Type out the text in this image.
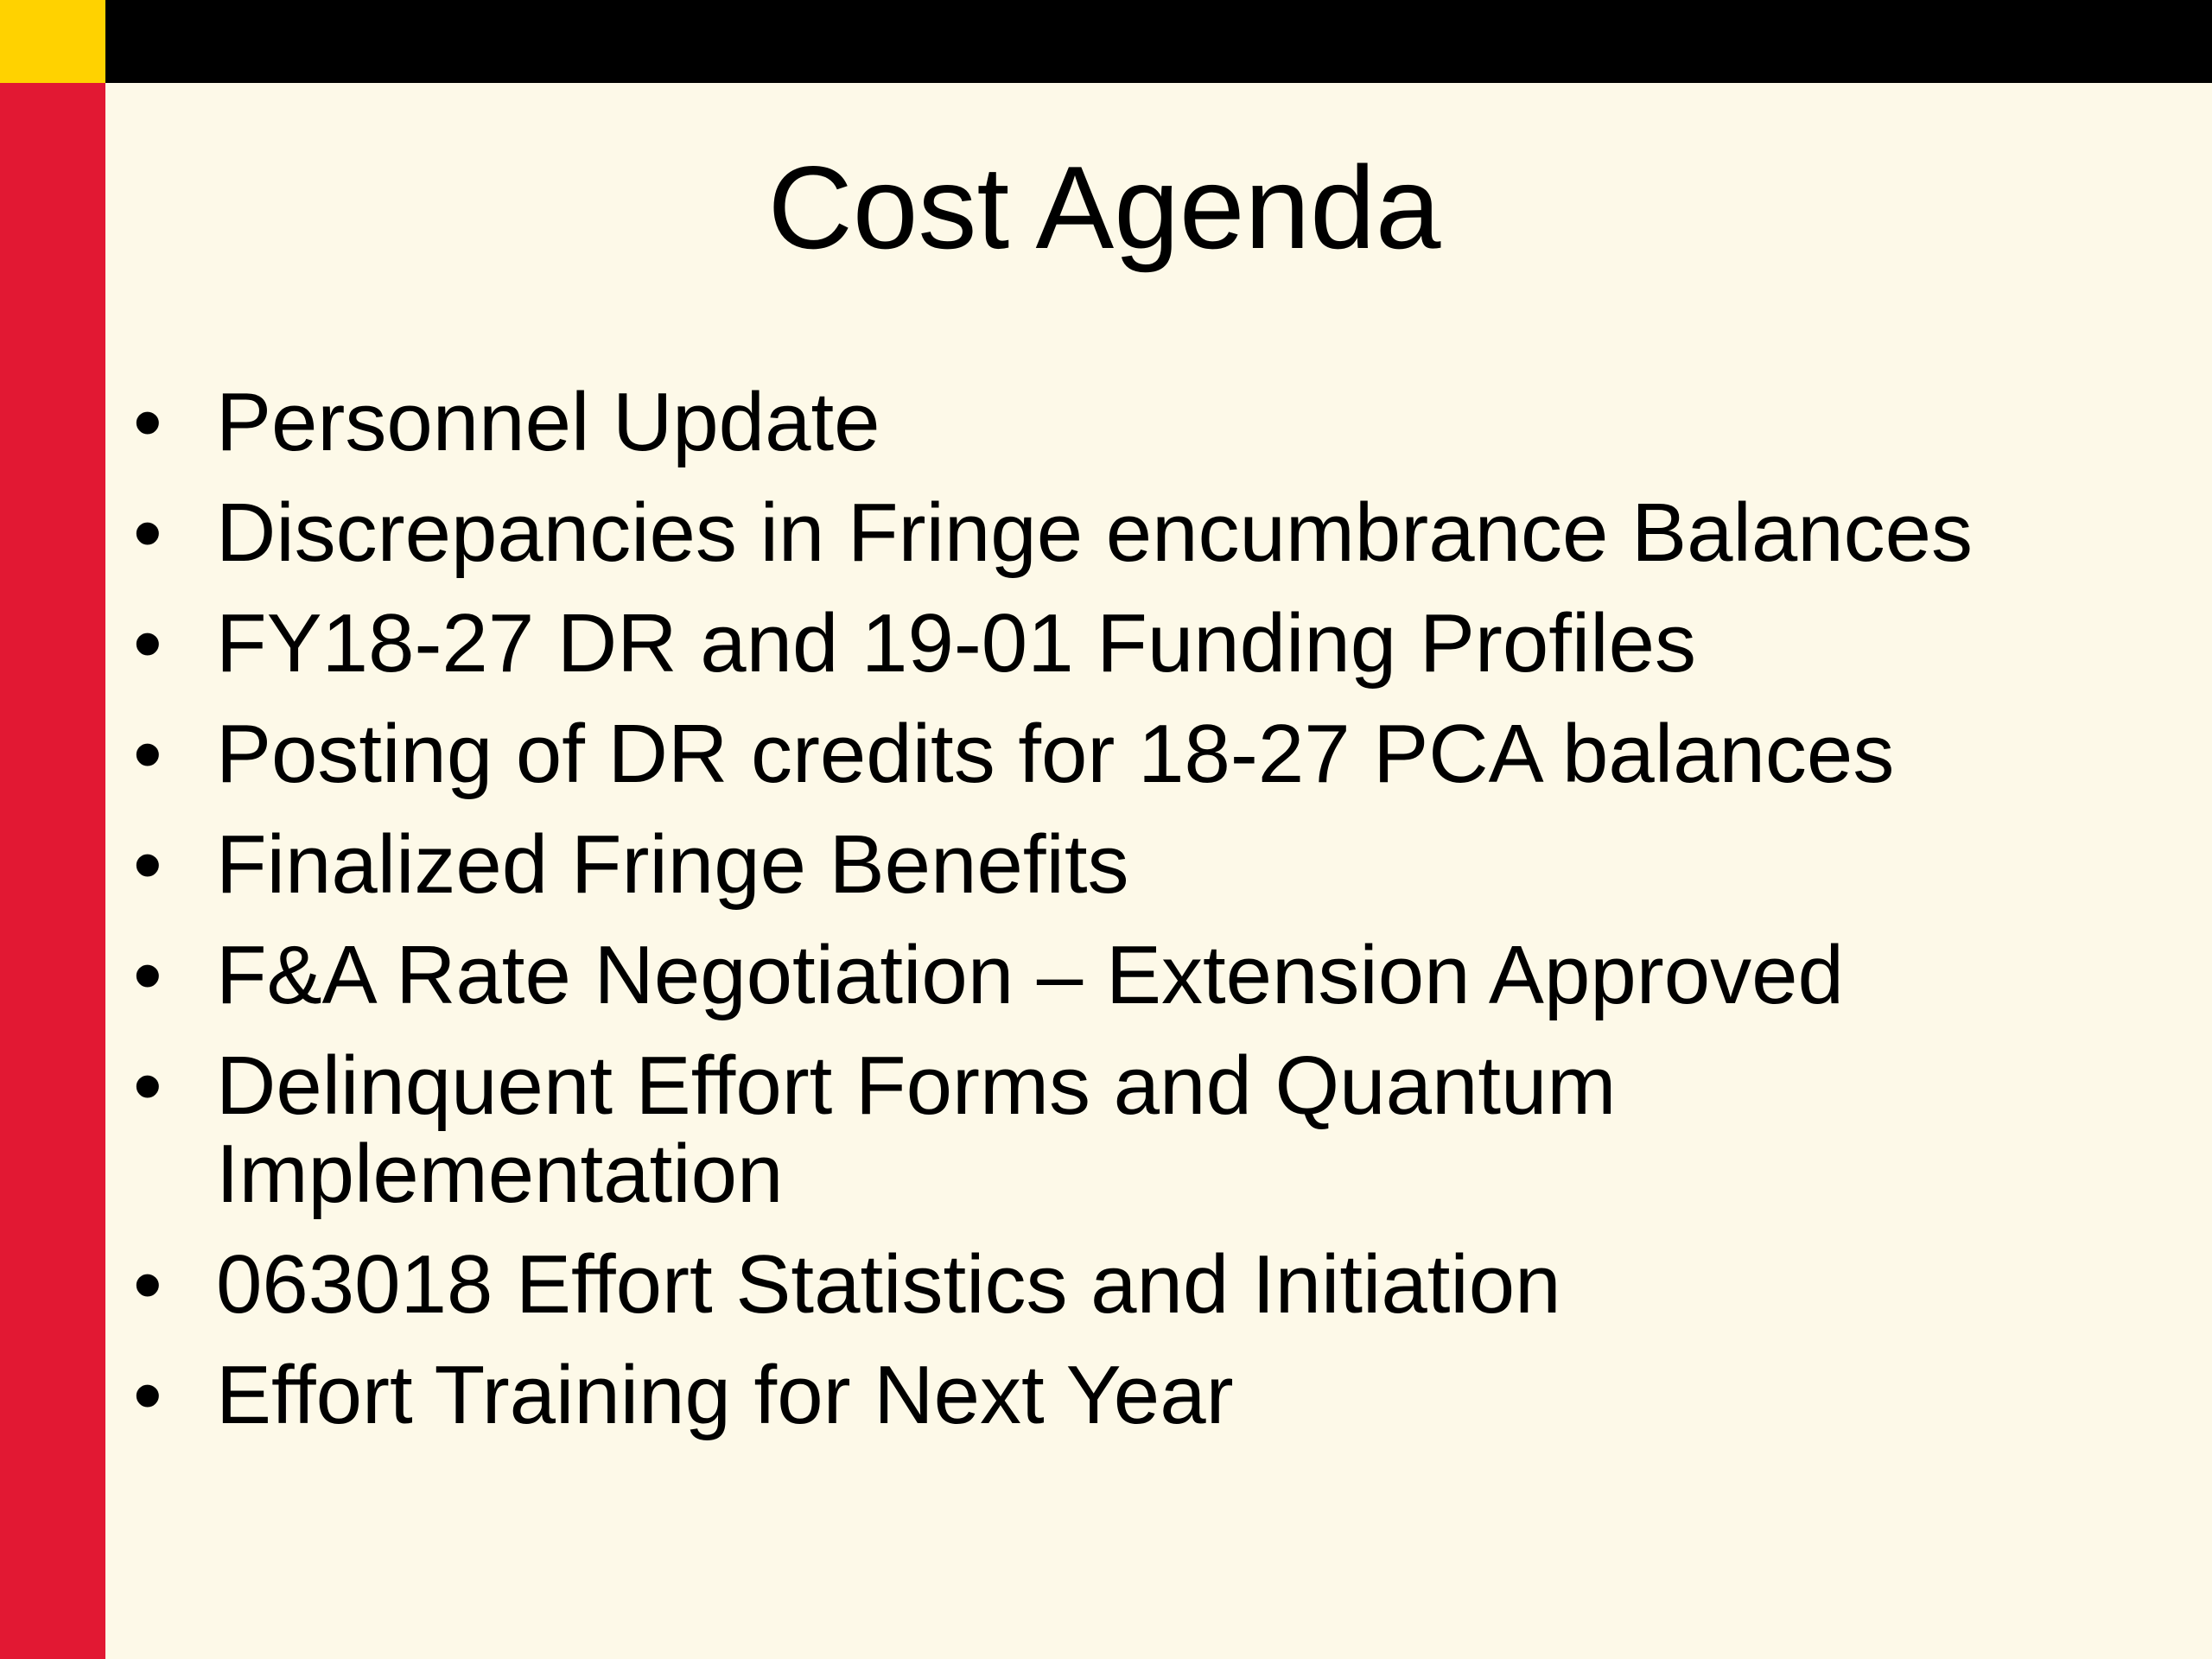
Cost Agenda
• Personnel Update
• Discrepancies in Fringe encumbrance Balances
• FY18-27 DR and 19-01 Funding Profiles
• Posting of DR credits for 18-27 PCA balances
• Finalized Fringe Benefits
• F&A Rate Negotiation – Extension Approved
• Delinquent Effort Forms and Quantum Implementation
• 063018 Effort Statistics and Initiation
• Effort Training for Next Year
